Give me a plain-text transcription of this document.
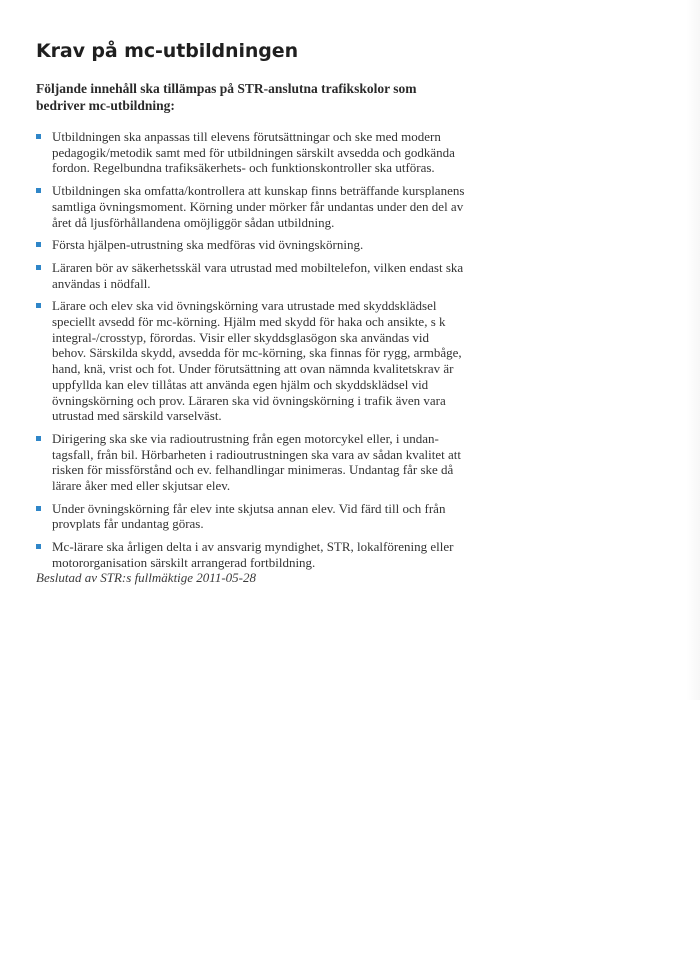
Krav på mc-utbildningen

Följande innehåll ska tillämpas på STR-anslutna trafikskolor som bedriver mc-utbildning:

Utbildningen ska anpassas till elevens förutsättningar och ske med modern pedagogik/metodik samt med för utbildningen särskilt avsedda och godkända fordon. Regelbundna trafiksäkerhets- och funktionskontroller ska utföras.
Utbildningen ska omfatta/kontrollera att kunskap finns beträffande kursplanens samtliga övningsmoment. Körning under mörker får undantas under den del av året då ljusförhållandena omöjliggör sådan utbildning.
Första hjälpen-utrustning ska medföras vid övningskörning.
Läraren bör av säkerhetsskäl vara utrustad med mobiltelefon, vilken endast ska användas i nödfall.
Lärare och elev ska vid övningskörning vara utrustade med skyddsklädsel speciellt avsedd för mc-körning. Hjälm med skydd för haka och ansikte, s k integral-/crosstyp, förordas. Visir eller skyddsglasögon ska användas vid behov. Särskilda skydd, avsedda för mc-körning, ska finnas för rygg, armbåge, hand, knä, vrist och fot. Under förutsättning att ovan nämnda kvalitetskrav är uppfyllda kan elev tillåtas att använda egen hjälm och skyddsklädsel vid övningskörning och prov. Läraren ska vid övningskörning i trafik även vara utrustad med särskild varselväst.
Dirigering ska ske via radioutrustning från egen motorcykel eller, i undantagsfall, från bil. Hörbarheten i radioutrustningen ska vara av sådan kvalitet att risken för missförstånd och ev. felhandlingar minimeras. Undantag får ske då lärare åker med eller skjutsar elev.
Under övningskörning får elev inte skjutsa annan elev. Vid färd till och från provplats får undantag göras.
Mc-lärare ska årligen delta i av ansvarig myndighet, STR, lokalförening eller motororganisation särskilt arrangerad fortbildning.

Beslutad av STR:s fullmäktige 2011-05-28
